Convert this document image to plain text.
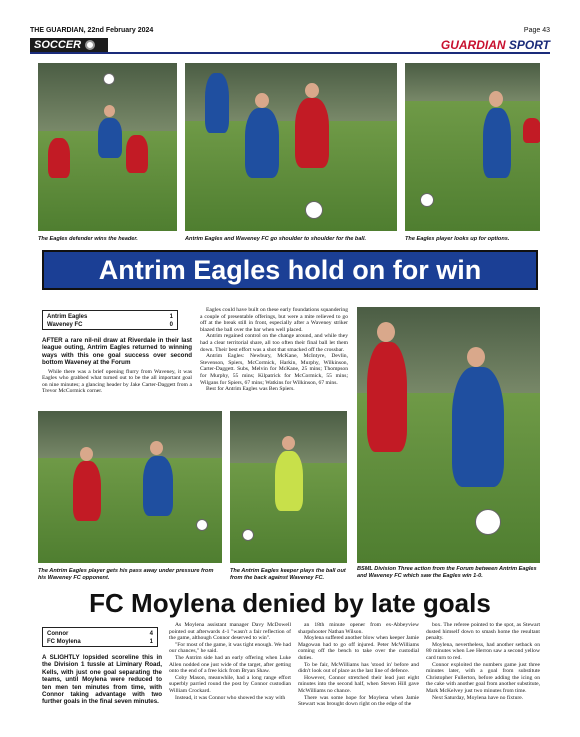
THE GUARDIAN, 22nd February 2024	Page 43
SOCCER	GUARDIAN SPORT
The Eagles defender wins the header.	Antrim Eagles and Waveney FC go shoulder to shoulder for the ball.	The Eagles player looks up for options.
Antrim Eagles hold on for win
Antrim Eagles	1
Waveney FC	0

AFTER a rare nil-nil draw at Riverdale in their last league outing, Antrim Eagles returned to winning ways with this one goal success over second bottom Waveney at the Forum

While there was a brief opening flurry from Waveney, it was Eagles who grabbed what turned out to be the all important goal on nine minutes; a glancing header by Jake Carter-Daggett from a Trevor McCormick corner.

Eagles could have built on these early foundations squandering a couple of presentable offerings, but were a mite relieved to go off at the break still in front, especially after a Waveney striker blazed the ball over the bar when well placed.

Antrim regained control on the change around, and while they had a clear territorial share, all too often their final ball let them down. Their best effort was a shot that smacked off the crossbar.

Antrim Eagles: Newbury, McKane, McIntyre, Devlin, Stevenson, Spiers, McCormick, Harkin, Murphy, Wilkinson, Carter-Daggett. Subs, Melvin for McKane, 25 mins; Thompson for Murphy, 55 mins; Kilpatrick for McCormick, 55 mins; Wilgans for Spiers, 67 mins; Watkins for Wilkinson, 67 mins.

Best for Antrim Eagles was Ben Spiers.

BSML Division Three action from the Forum between Antrim Eagles and Waveney FC which saw the Eagles win 1-0.
The Antrim Eagles player gets his pass away under pressure from his Waveney FC opponent.
The Antrim Eagles keeper plays the ball out from the back against Waveney FC.
FC Moylena denied by late goals
Connor	4
FC Moylena	1

A SLIGHTLY lopsided scoreline this in the Division 1 tussle at Liminary Road, Kells, with just one goal separating the teams, until Moylena were reduced to ten men ten minutes from time, with Connor taking advantage with two further goals in the final seven minutes.

As Moylena assistant manager Davy McDowell pointed out afterwards 4-1 "wasn't a fair reflection of the game, although Connor deserved to win".

"For most of the game, it was tight enough. We had our chances," he said.

The Antrim side had an early offering when Luke Allen nodded one just wide of the target, after getting onto the end of a free kick from Bryan Shaw.

Coby Mason, meanwhile, had a long range effort superbly parried round the post by Connor custodian William Crockard.

Instead, it was Connor who showed the way with

an 18th minute opener from ex-Abbeyview sharpshooter Nathan Wilson.

Moylena suffered another blow when keeper Jamie Magowan had to go off injured. Peter McWilliams coming off the bench to take over the custodial duties.

To be fair, McWilliams has 'stood in' before and didn't look out of place as the last line of defence.

However, Connor stretched their lead just eight minutes into the second half, when Steven Hill gave McWilliams no chance.

There was some hope for Moylena when Jamie Stewart was brought down right on the edge of the

box. The referee pointed to the spot, as Stewart dusted himself down to smash home the resultant penalty.

Moylena, nevertheless, had another setback on 80 minutes when Lee Herron saw a second yellow card turn to red.

Connor exploited the numbers game just three minutes later, with a goal from substitute Christopher Fullerton, before adding the icing on the cake with another goal from another substitute, Mark McKelvey just two minutes from time.

Next Saturday, Moylena have no fixture.
